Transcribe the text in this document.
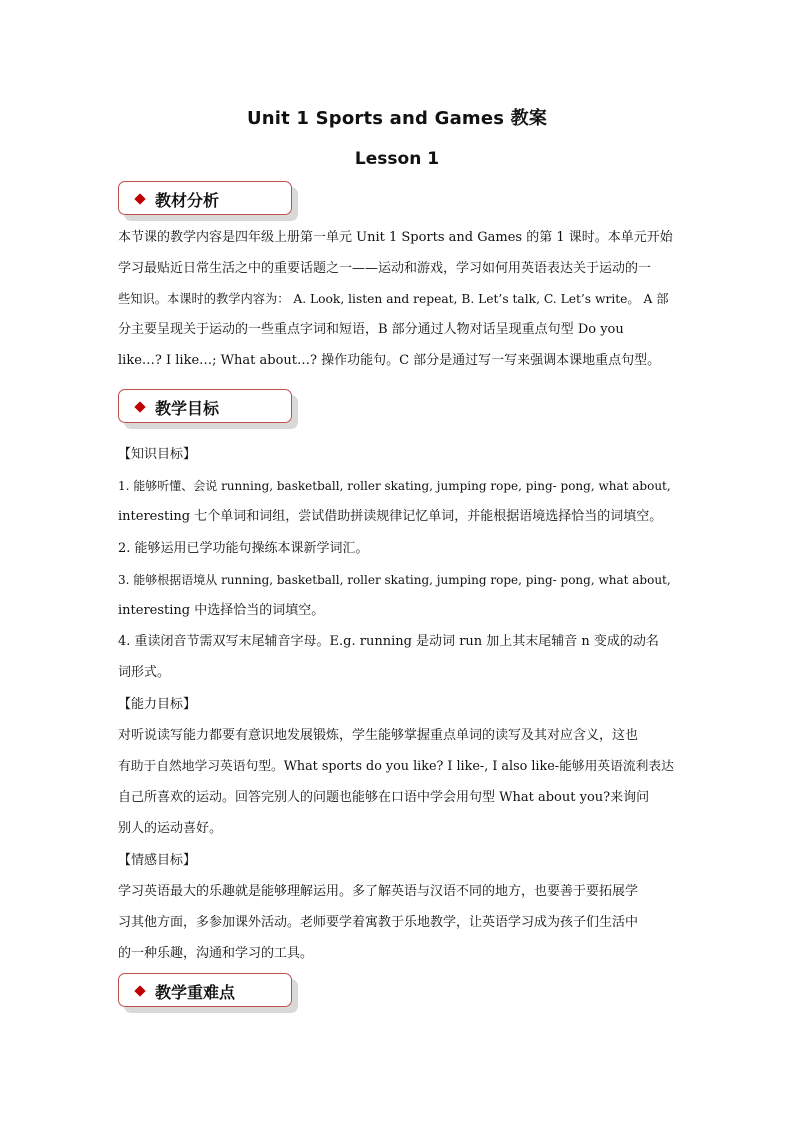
Unit 1 Sports and Games 教案
Lesson 1
教材分析
本节课的教学内容是四年级上册第一单元 Unit 1 Sports and Games 的第 1 课时。本单元开始
学习最贴近日常生活之中的重要话题之一——运动和游戏，学习如何用英语表达关于运动的一
些知识。本课时的教学内容为： A. Look, listen and repeat, B. Let’s talk, C. Let’s write。 A 部
分主要呈现关于运动的一些重点字词和短语，B 部分通过人物对话呈现重点句型 Do you
like…? I like…; What about…? 操作功能句。C 部分是通过写一写来强调本课地重点句型。
教学目标
【知识目标】
1. 能够听懂、会说 running, basketball, roller skating, jumping rope, ping- pong, what about,
interesting 七个单词和词组，尝试借助拼读规律记忆单词，并能根据语境选择恰当的词填空。
2. 能够运用已学功能句操练本课新学词汇。
3. 能够根据语境从 running, basketball, roller skating, jumping rope, ping- pong, what about,
interesting 中选择恰当的词填空。
4. 重读闭音节需双写末尾辅音字母。E.g. running 是动词 run 加上其末尾辅音 n 变成的动名
词形式。
【能力目标】
对听说读写能力都要有意识地发展锻炼，学生能够掌握重点单词的读写及其对应含义，这也
有助于自然地学习英语句型。What sports do you like? I like-, I also like-能够用英语流利表达
自己所喜欢的运动。回答完别人的问题也能够在口语中学会用句型 What about you?来询问
别人的运动喜好。
【情感目标】
学习英语最大的乐趣就是能够理解运用。多了解英语与汉语不同的地方，也要善于要拓展学
习其他方面，多参加课外活动。老师要学着寓教于乐地教学，让英语学习成为孩子们生活中
的一种乐趣，沟通和学习的工具。
教学重难点
